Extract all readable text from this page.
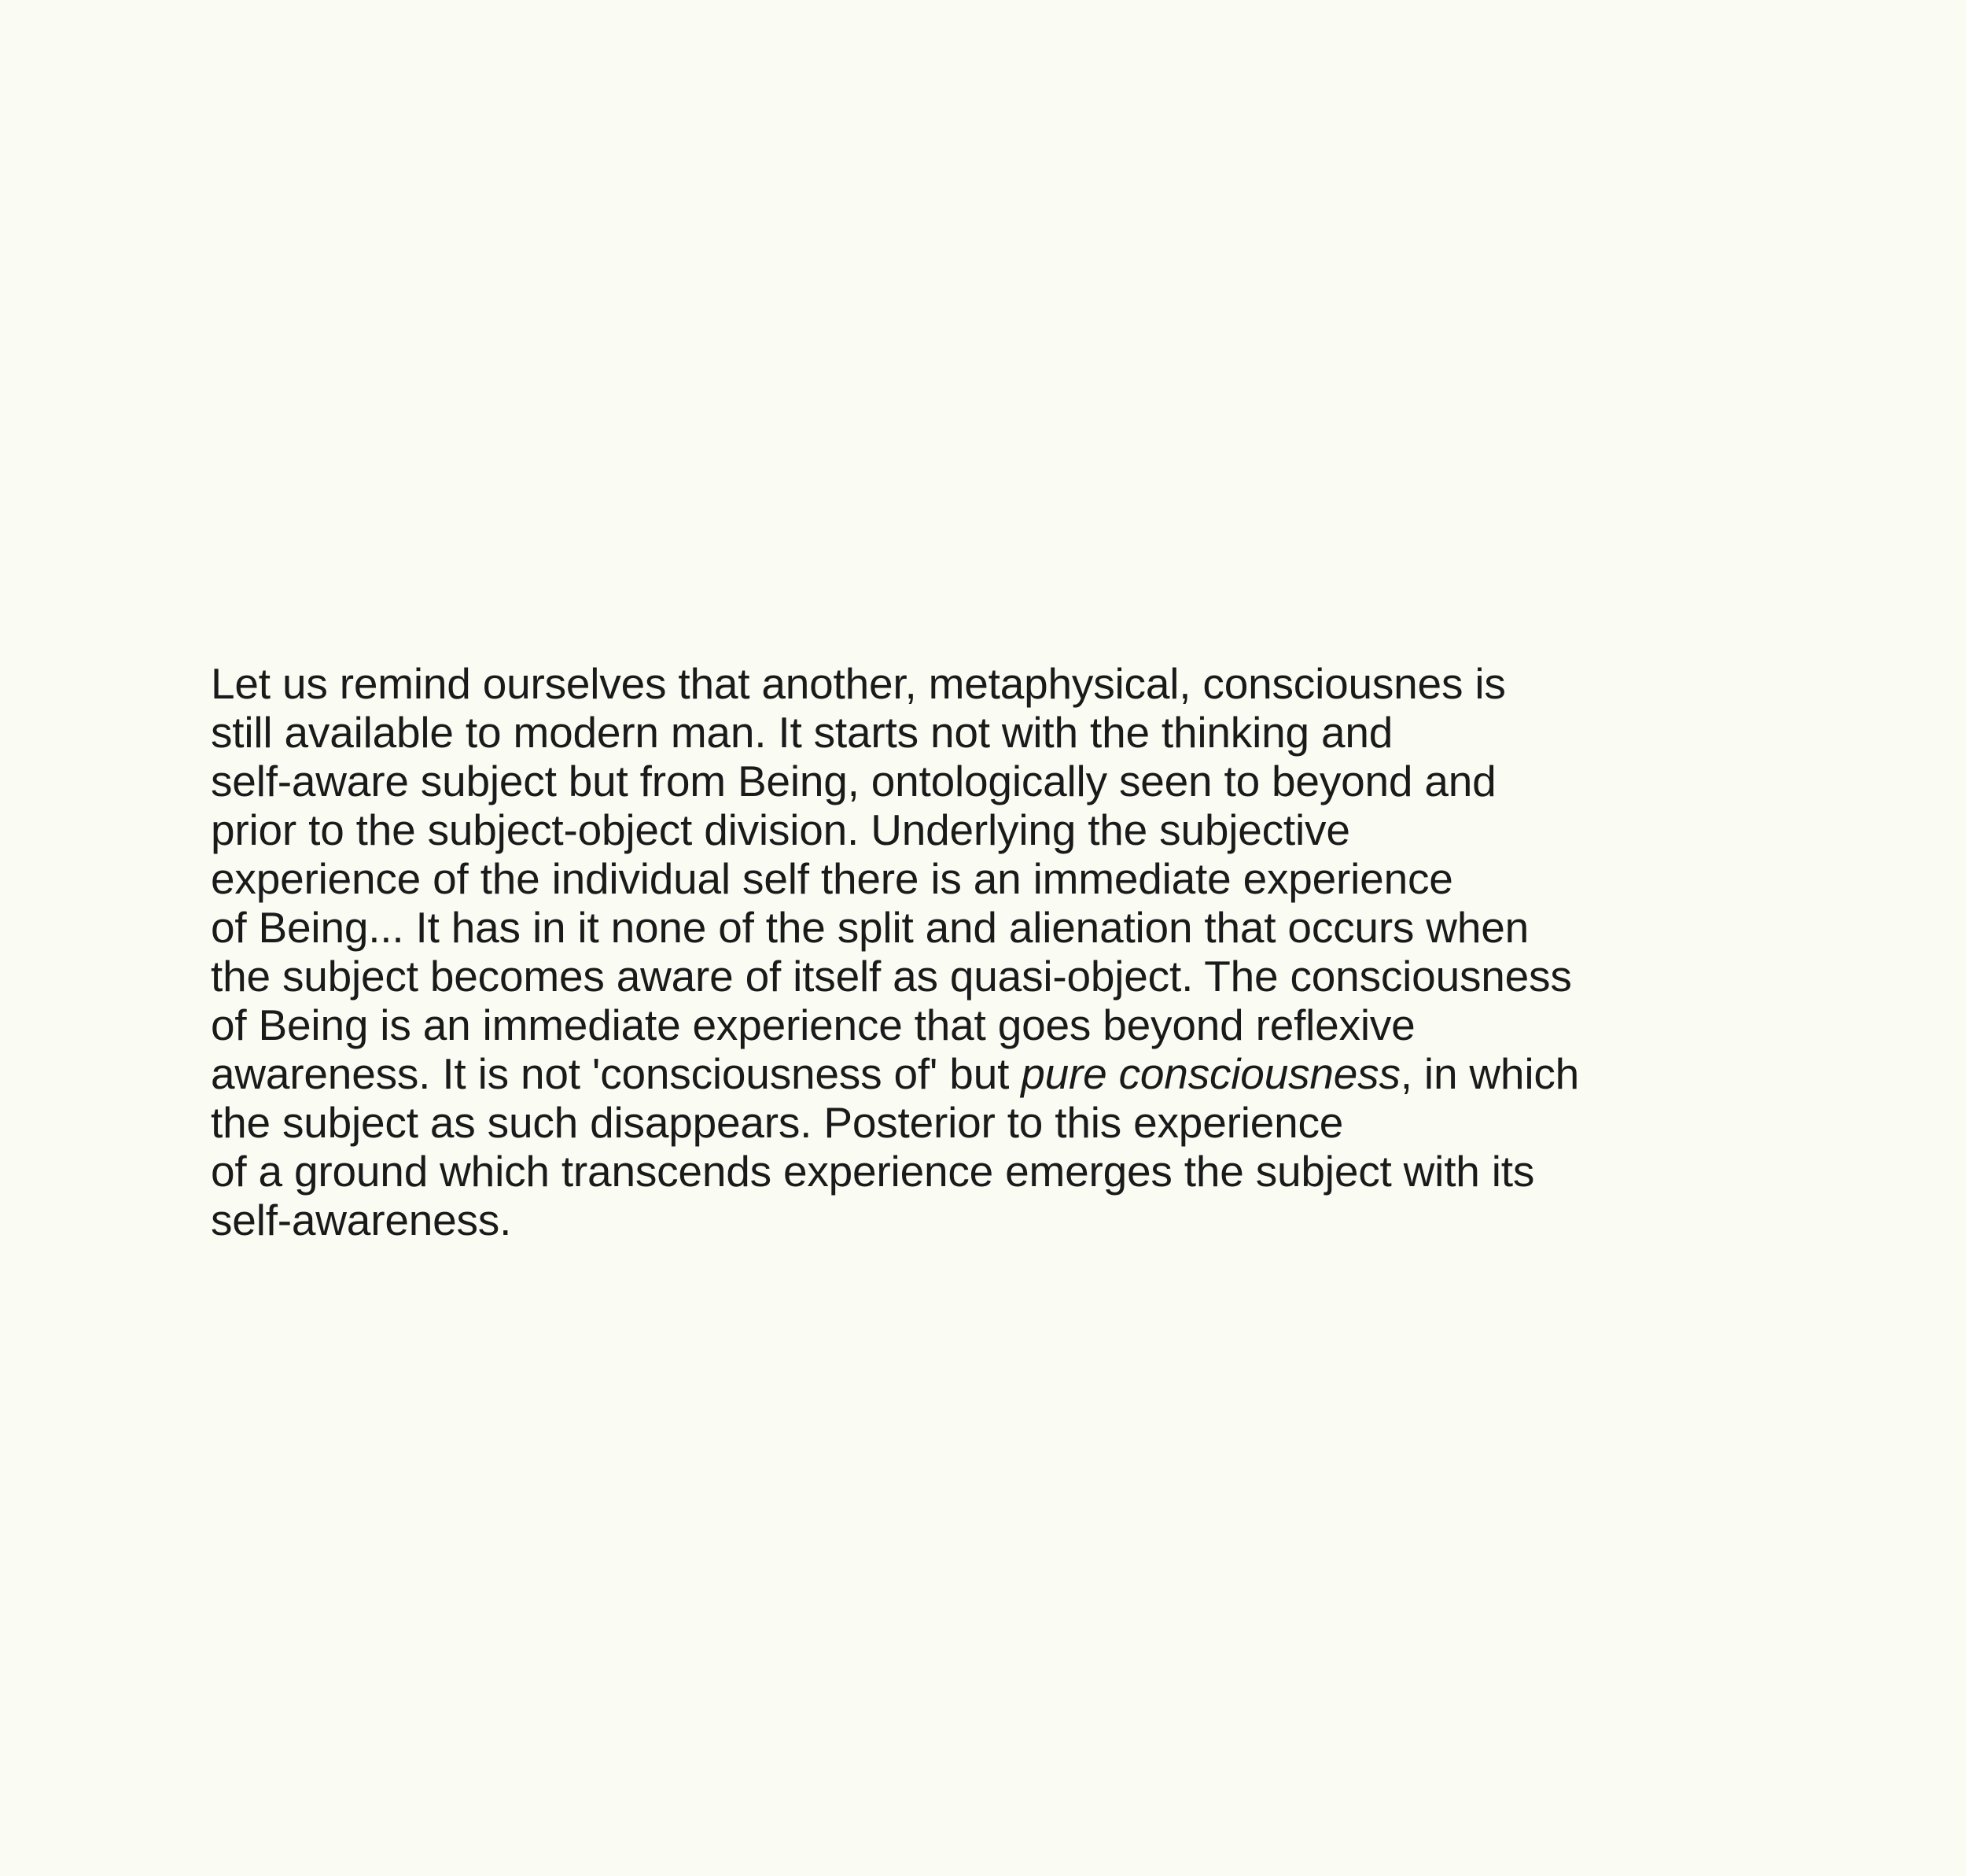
Let us remind ourselves that another, metaphysical, consciousnes is
still available to modern man. It starts not with the thinking and
self-aware subject but from Being, ontologically seen to beyond and
prior to the subject-object division. Underlying the subjective
experience of the individual self there is an immediate experience
of Being... It has in it none of the split and alienation that occurs when
the subject becomes aware of itself as quasi-object. The consciousness
of Being is an immediate experience that goes beyond reflexive
awareness. It is not 'consciousness of' but pure consciousness, in which
the subject as such disappears. Posterior to this experience
of a ground which transcends experience emerges the subject with its
self-awareness.
